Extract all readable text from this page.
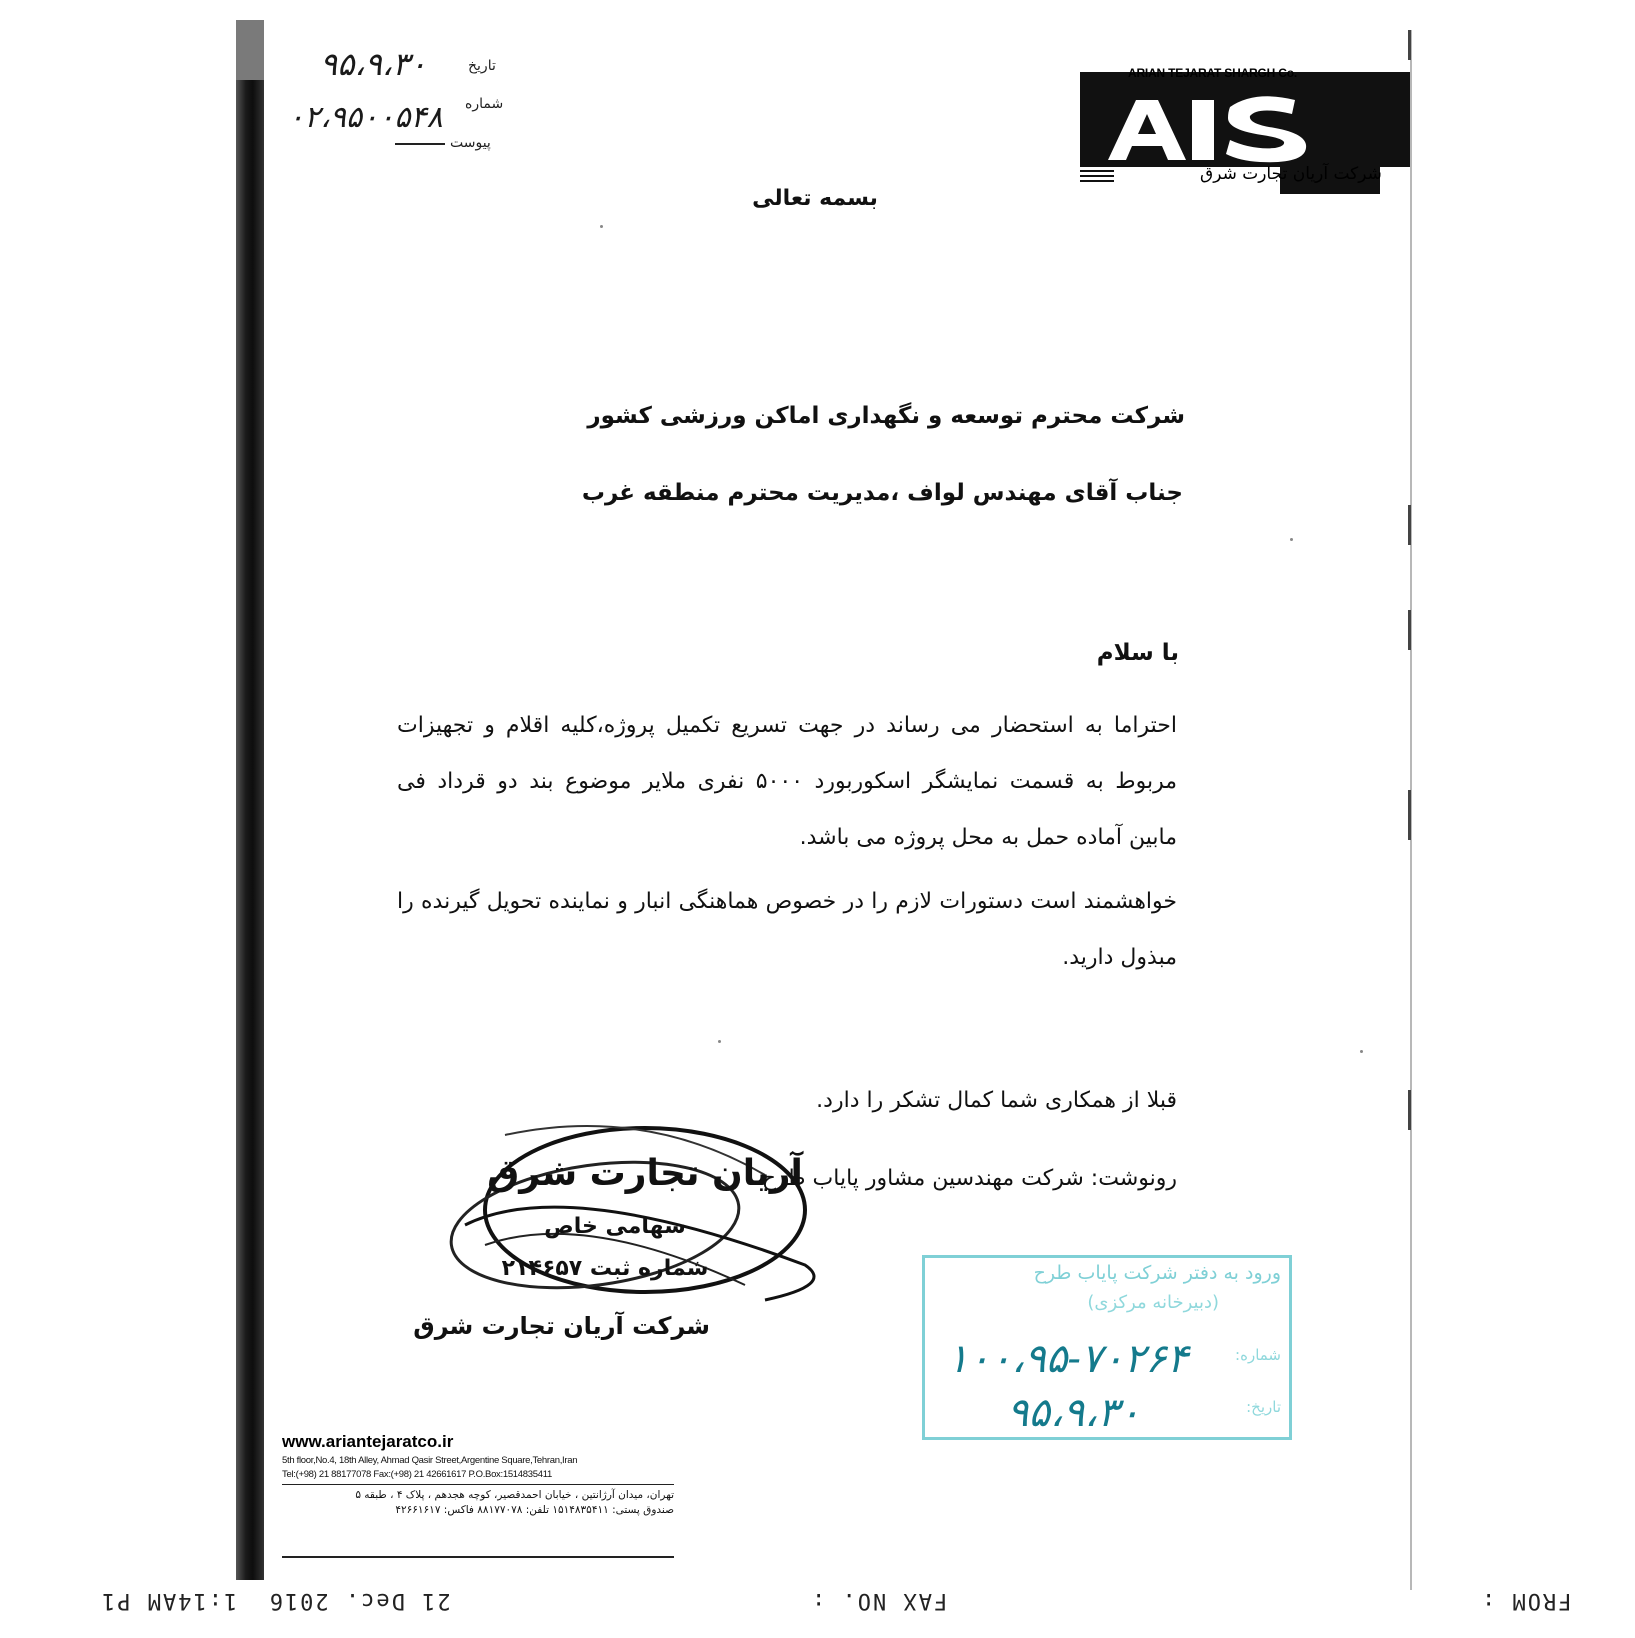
۹۵،۹،۳۰
۰۲،۹۵۰۰۵۴۸
تاریخ
شماره
پیوست
ARIAN TEJARAT SHARGH Co.
شرکت آریان تجارت شرق
بسمه تعالی
شرکت محترم توسعه و نگهداری اماکن ورزشی کشور
جناب آقای مهندس لواف ،مدیریت محترم منطقه غرب
با سلام
احتراما به استحضار می رساند در جهت تسریع تکمیل پروژه،کلیه اقلام و تجهیزات مربوط به قسمت نمایشگر اسکوربورد ۵۰۰۰ نفری ملایر موضوع بند دو قرداد فی مابین آماده حمل به محل پروژه می باشد.
خواهشمند است دستورات لازم را در خصوص هماهنگی انبار و نماینده تحویل گیرنده را مبذول دارید.
قبلا از همکاری شما کمال تشکر را دارد.
رونوشت: شرکت مهندسین مشاور پایاب طرح
آریان تجارت شرق
سهامی خاص
شماره ثبت ۲۱۴۶۵۷
شرکت آریان تجارت شرق
ورود به دفتر شرکت پایاب طرح
(دبیرخانه مرکزی)
شماره:
تاریخ:
۱۰۰،۹۵-۷۰۲۶۴
۹۵،۹،۳۰
www.ariantejaratco.ir
5th floor,No.4, 18th Alley, Ahmad Qasir Street,Argentine Square,Tehran,Iran
Tel:(+98) 21 88177078 Fax:(+98) 21 42661617 P.O.Box:1514835411
تهران، میدان آرژانتین ، خیابان احمدقصیر، کوچه هجدهم ، پلاک ۴ ، طبقه ۵
صندوق پستی: ۱۵۱۴۸۳۵۴۱۱ تلفن: ۸۸۱۷۷۰۷۸ فاکس: ۴۲۶۶۱۶۱۷
21 Dec. 2016  1:14AM P1	FAX NO. :	FROM :
